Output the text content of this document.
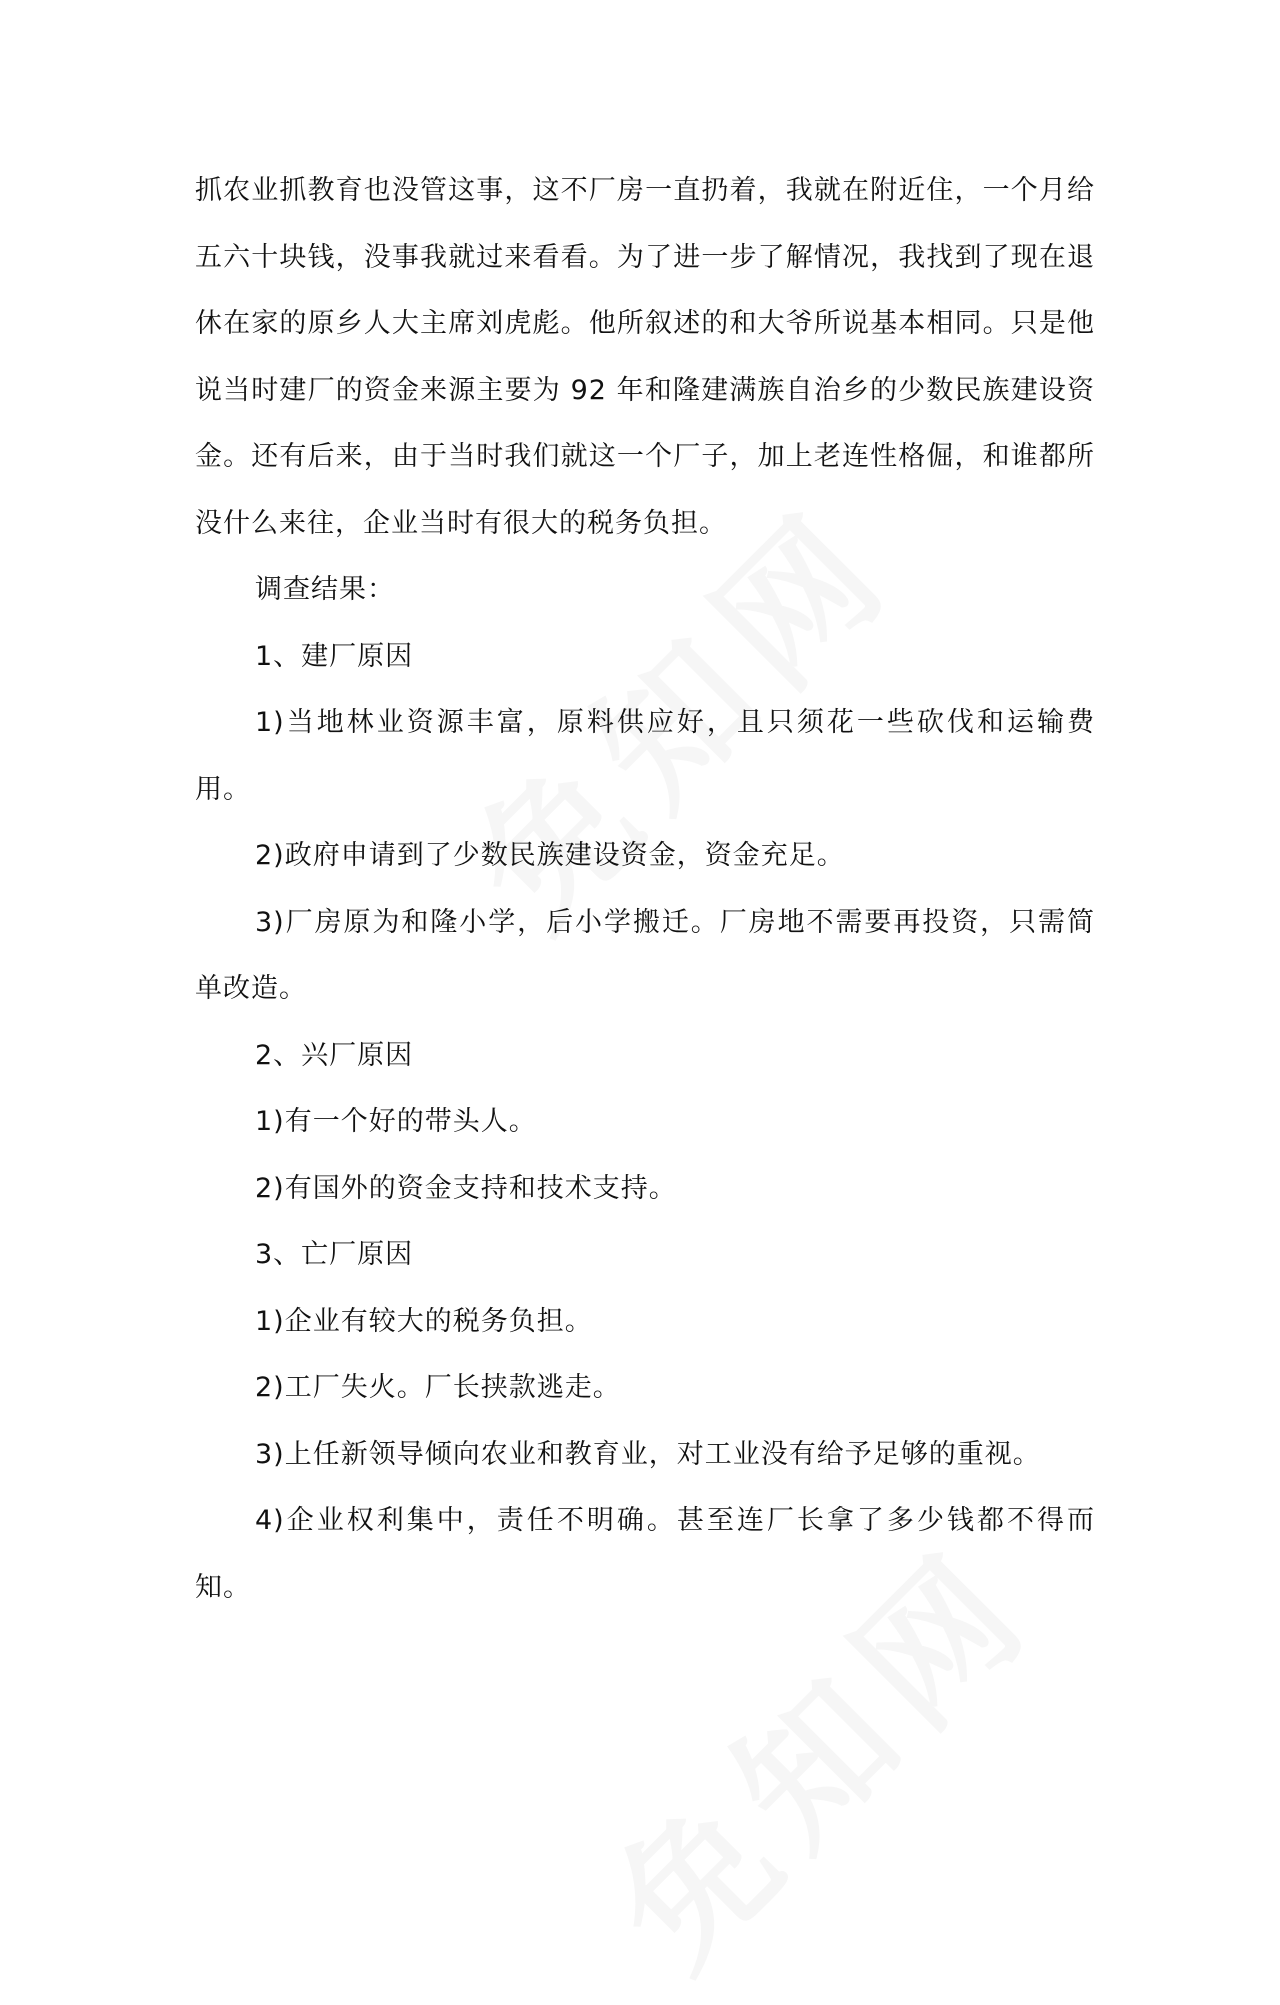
抓农业抓教育也没管这事，这不厂房一直扔着，我就在附近住，一个月给五六十块钱，没事我就过来看看。为了进一步了解情况，我找到了现在退休在家的原乡人大主席刘虎彪。他所叙述的和大爷所说基本相同。只是他说当时建厂的资金来源主要为 92 年和隆建满族自治乡的少数民族建设资金。还有后来，由于当时我们就这一个厂子，加上老连性格倔，和谁都所没什么来往，企业当时有很大的税务负担。

调查结果：

1、建厂原因

1)当地林业资源丰富，原料供应好，且只须花一些砍伐和运输费用。

2)政府申请到了少数民族建设资金，资金充足。

3)厂房原为和隆小学，后小学搬迁。厂房地不需要再投资，只需简单改造。

2、兴厂原因

1)有一个好的带头人。

2)有国外的资金支持和技术支持。

3、亡厂原因

1)企业有较大的税务负担。

2)工厂失火。厂长挟款逃走。

3)上任新领导倾向农业和教育业，对工业没有给予足够的重视。

4)企业权利集中，责任不明确。甚至连厂长拿了多少钱都不得而知。
